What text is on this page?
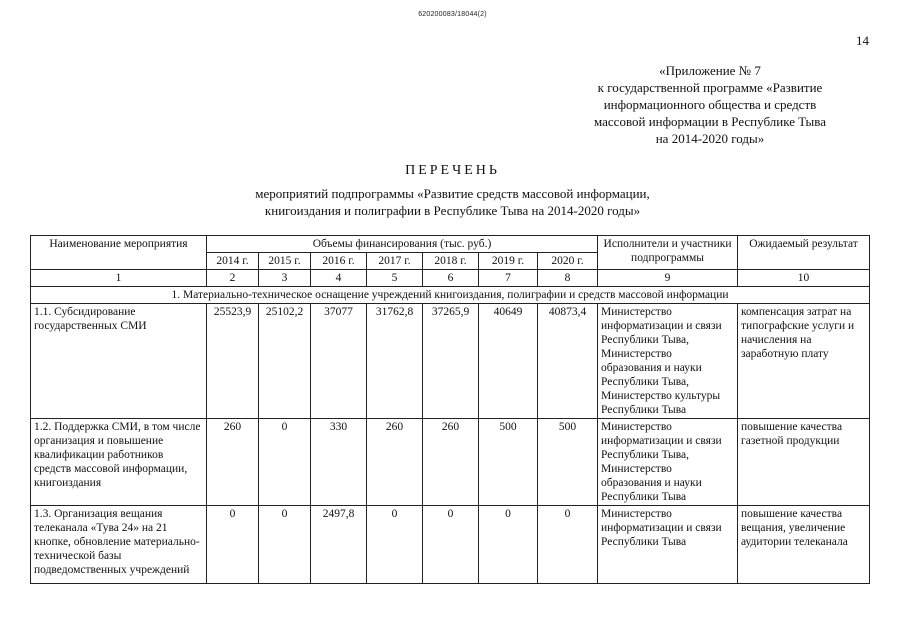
620200083/18044(2)
14
«Приложение № 7
к государственной программе «Развитие
информационного общества и средств
массовой информации в Республике Тыва
на 2014-2020 годы»
ПЕРЕЧЕНЬ
мероприятий подпрограммы «Развитие средств массовой информации,
книгоиздания и полиграфии в Республике Тыва на 2014-2020 годы»
Наименование мероприятия	Объемы финансирования (тыс. руб.)							Исполнители и участники подпрограммы	Ожидаемый результат
	2014 г.	2015 г.	2016 г.	2017 г.	2018 г.	2019 г.	2020 г.		
1	2	3	4	5	6	7	8	9	10
1. Материально-техническое оснащение учреждений книгоиздания, полиграфии и средств массовой информации									
1.1. Субсидирование государственных СМИ	25523,9	25102,2	37077	31762,8	37265,9	40649	40873,4	Министерство информатизации и связи Республики Тыва, Министерство образования и науки Республики Тыва, Министерство культуры Республики Тыва	компенсация затрат на типографские услуги и начисления на заработную плату
1.2. Поддержка СМИ, в том числе организация и повышение квалификации работников средств массовой информации, книгоиздания	260	0	330	260	260	500	500	Министерство информатизации и связи Республики Тыва, Министерство образования и науки Республики Тыва	повышение качества газетной продукции
1.3. Организация вещания телеканала «Тува 24» на 21 кнопке, обновление материально-технической базы подведомственных учреждений	0	0	2497,8	0	0	0	0	Министерство информатизации и связи Республики Тыва	повышение качества вещания, увеличение аудитории телеканала
